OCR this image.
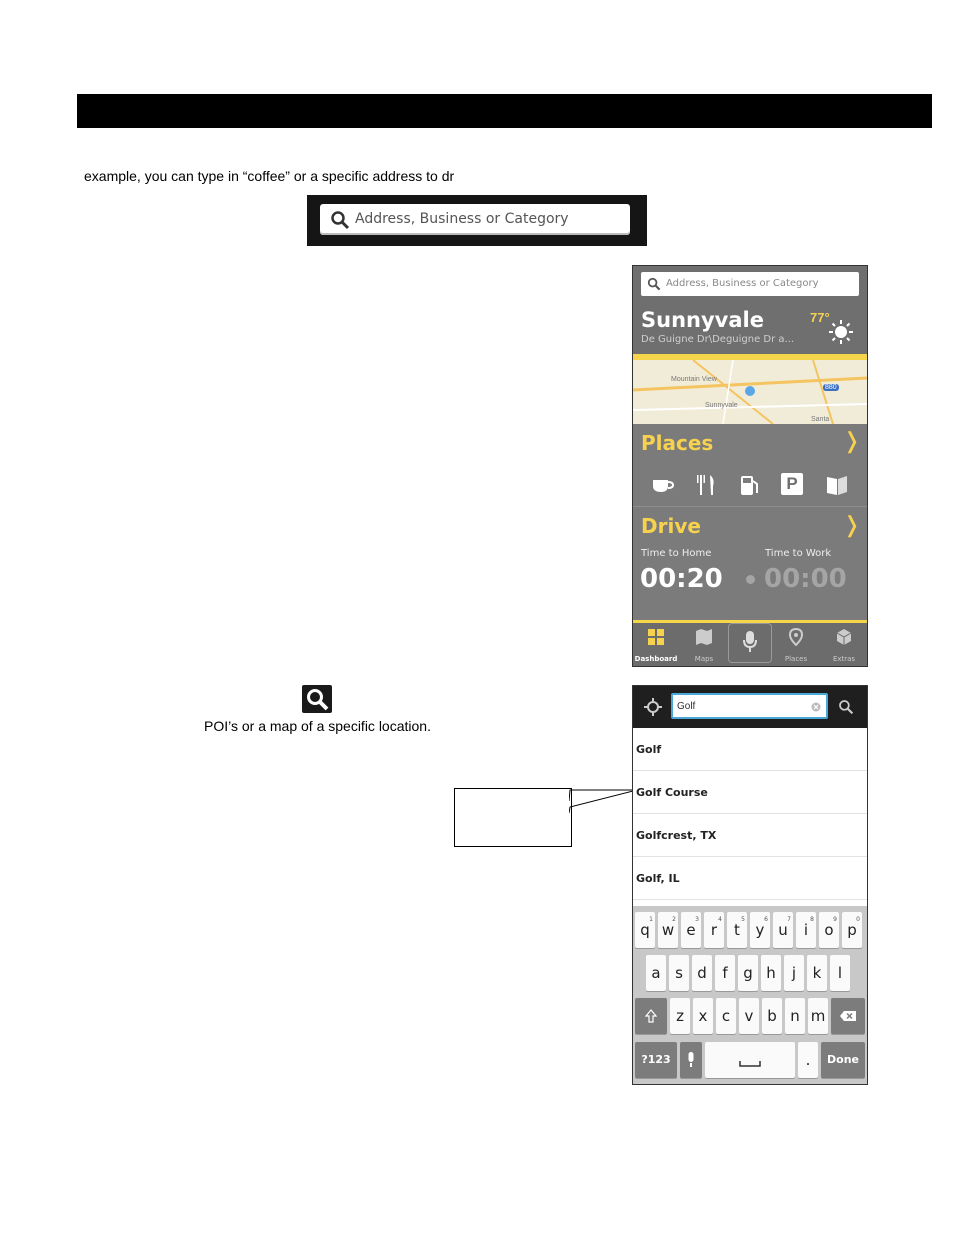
example, you can type in “coffee” or a specific address to dr
Address, Business or Category
Address, Business or Category
Sunnyvale
De Guigne Dr\Deguigne Dr a...
77°
Mountain View
Sunnyvale
Santa
880
Places	❭
P
Drive	❭
Time to Home	Time to Work
00:20 00:00
Dashboard	Maps	Places	Extras
POI’s or a map of a specific location.
Golf
Golf
Golf Course
Golfcrest, TX
Golf, IL
1
q
2
w
3
e
4
r
5
t
6
y
7
u
8
i
9
o
0
p
a s d	f	g h	j	k	l
z x c v b n m
?123	.	Done
